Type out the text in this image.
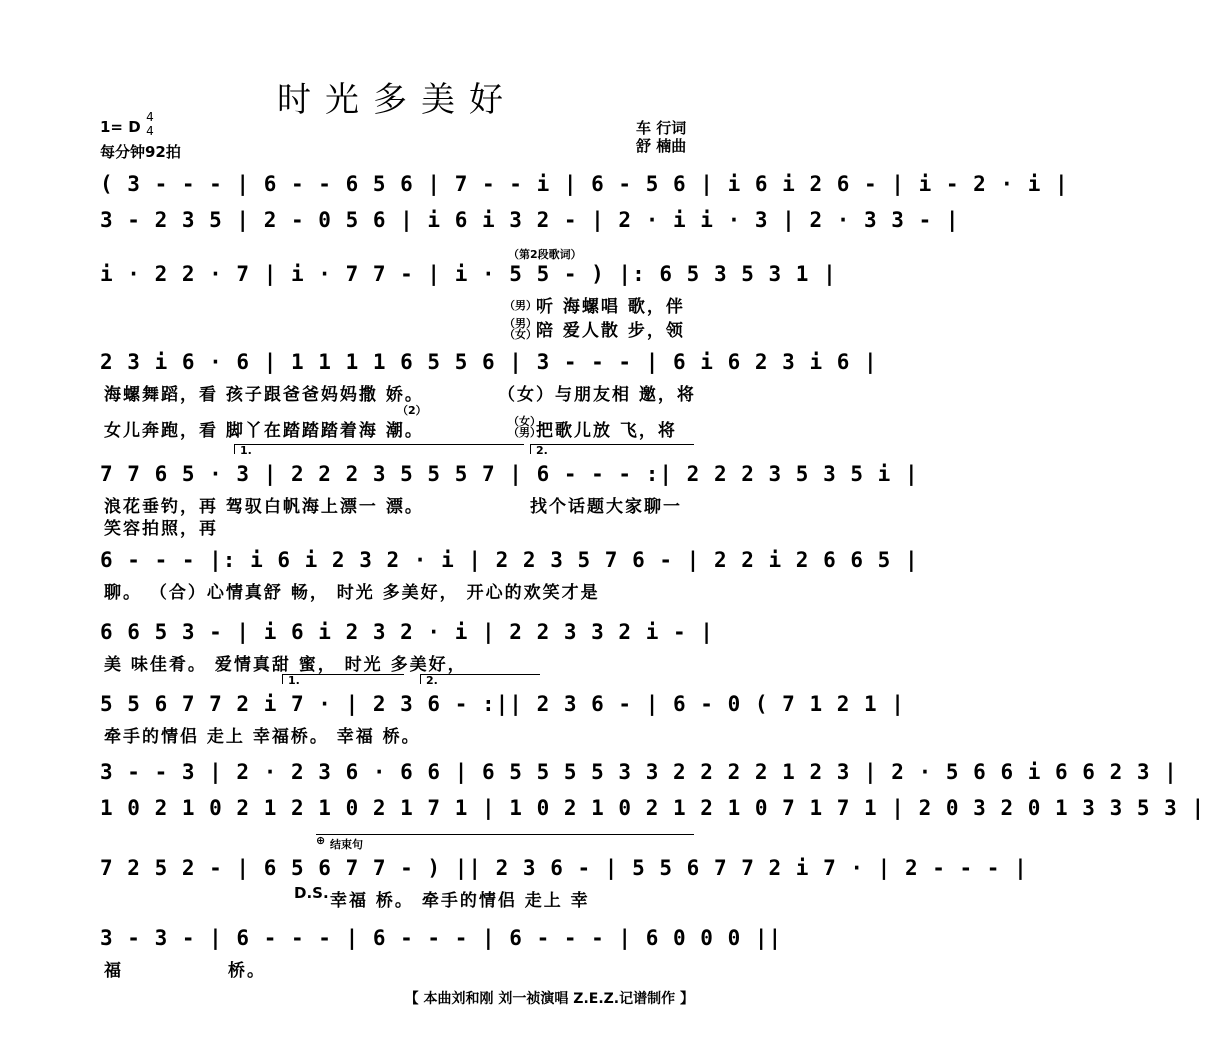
时光多美好
1= D
4
4
每分钟92拍
车 行词
舒 楠曲
( 3 - - - | 6 - - 6 5 6 | 7 - - i | 6 - 5 6 | i 6 i 2 6 - | i - 2 · i |
3 - 2 3 5 | 2 - 0 5 6 | i 6 i 3 2 - | 2 · i i · 3 | 2 · 3 3 - |
（第2段歌词）
i · 2 2 · 7 | i · 7 7 - | i · 5 5 - ) |: 6 5 3 5 3 1 |
（男） 听 海螺唱 歌，伴
（男）（女） 陪 爱人散 步，领
2 3 i 6 · 6 | 1 1 1 1 6 5 5 6 | 3 - - - | 6 i 6 2 3 i 6 |
海螺舞蹈，看 孩子跟爸爸妈妈撒 娇。	（女）与朋友相 邀，将
（2）
女儿奔跑，看 脚丫在踏踏踏着海 潮。	（女）（男）
把歌儿放 飞，将
1.	2.
7 7 6 5 · 3 | 2 2 2 3 5 5 5 7 | 6 - - - :| 2 2 2 3 5 3 5 i |
浪花垂钓，再 驾驭白帆海上漂一 漂。	找个话题大家聊一
笑容拍照，再
6 - - - |: i 6 i 2 3 2 · i | 2 2 3 5 7 6 - | 2 2 i 2 6 6 5 |
聊。 （合）心情真舒 畅， 时光 多美好， 开心的欢笑才是
6 6 5 3 - | i 6 i 2 3 2 · i | 2 2 3 3 2 i - |
美 味佳肴。 爱情真甜 蜜， 时光 多美好，
1.	2.
5 5 6 7 7 2 i 7 · | 2 3 6 - :|| 2 3 6 - | 6 - 0 ( 7 1 2 1 |
牵手的情侣 走上 幸福桥。 幸福 桥。
3 - - 3 | 2 · 2 3 6 · 6 6 | 6 5 5 5 5 3 3 2 2 2 2 1 2 3 | 2 · 5 6 6 i 6 6 2 3 |
1 0 2 1 0 2 1 2 1 0 2 1 7 1 | 1 0 2 1 0 2 1 2 1 0 7 1 7 1 | 2 0 3 2 0 1 3 3 5 3 |
⊕ 结束句
7 2 5 2 - | 6 5 6 7 7 - ) || 2 3 6 - | 5 5 6 7 7 2 i 7 · | 2 - - - |
D.S. 幸福 桥。 牵手的情侣 走上 幸
3 - 3 - | 6 - - - | 6 - - - | 6 - - - | 6 0 0 0 ||
福	桥。
【 本曲刘和刚 刘一祯演唱 Z.E.Z.记谱制作 】
